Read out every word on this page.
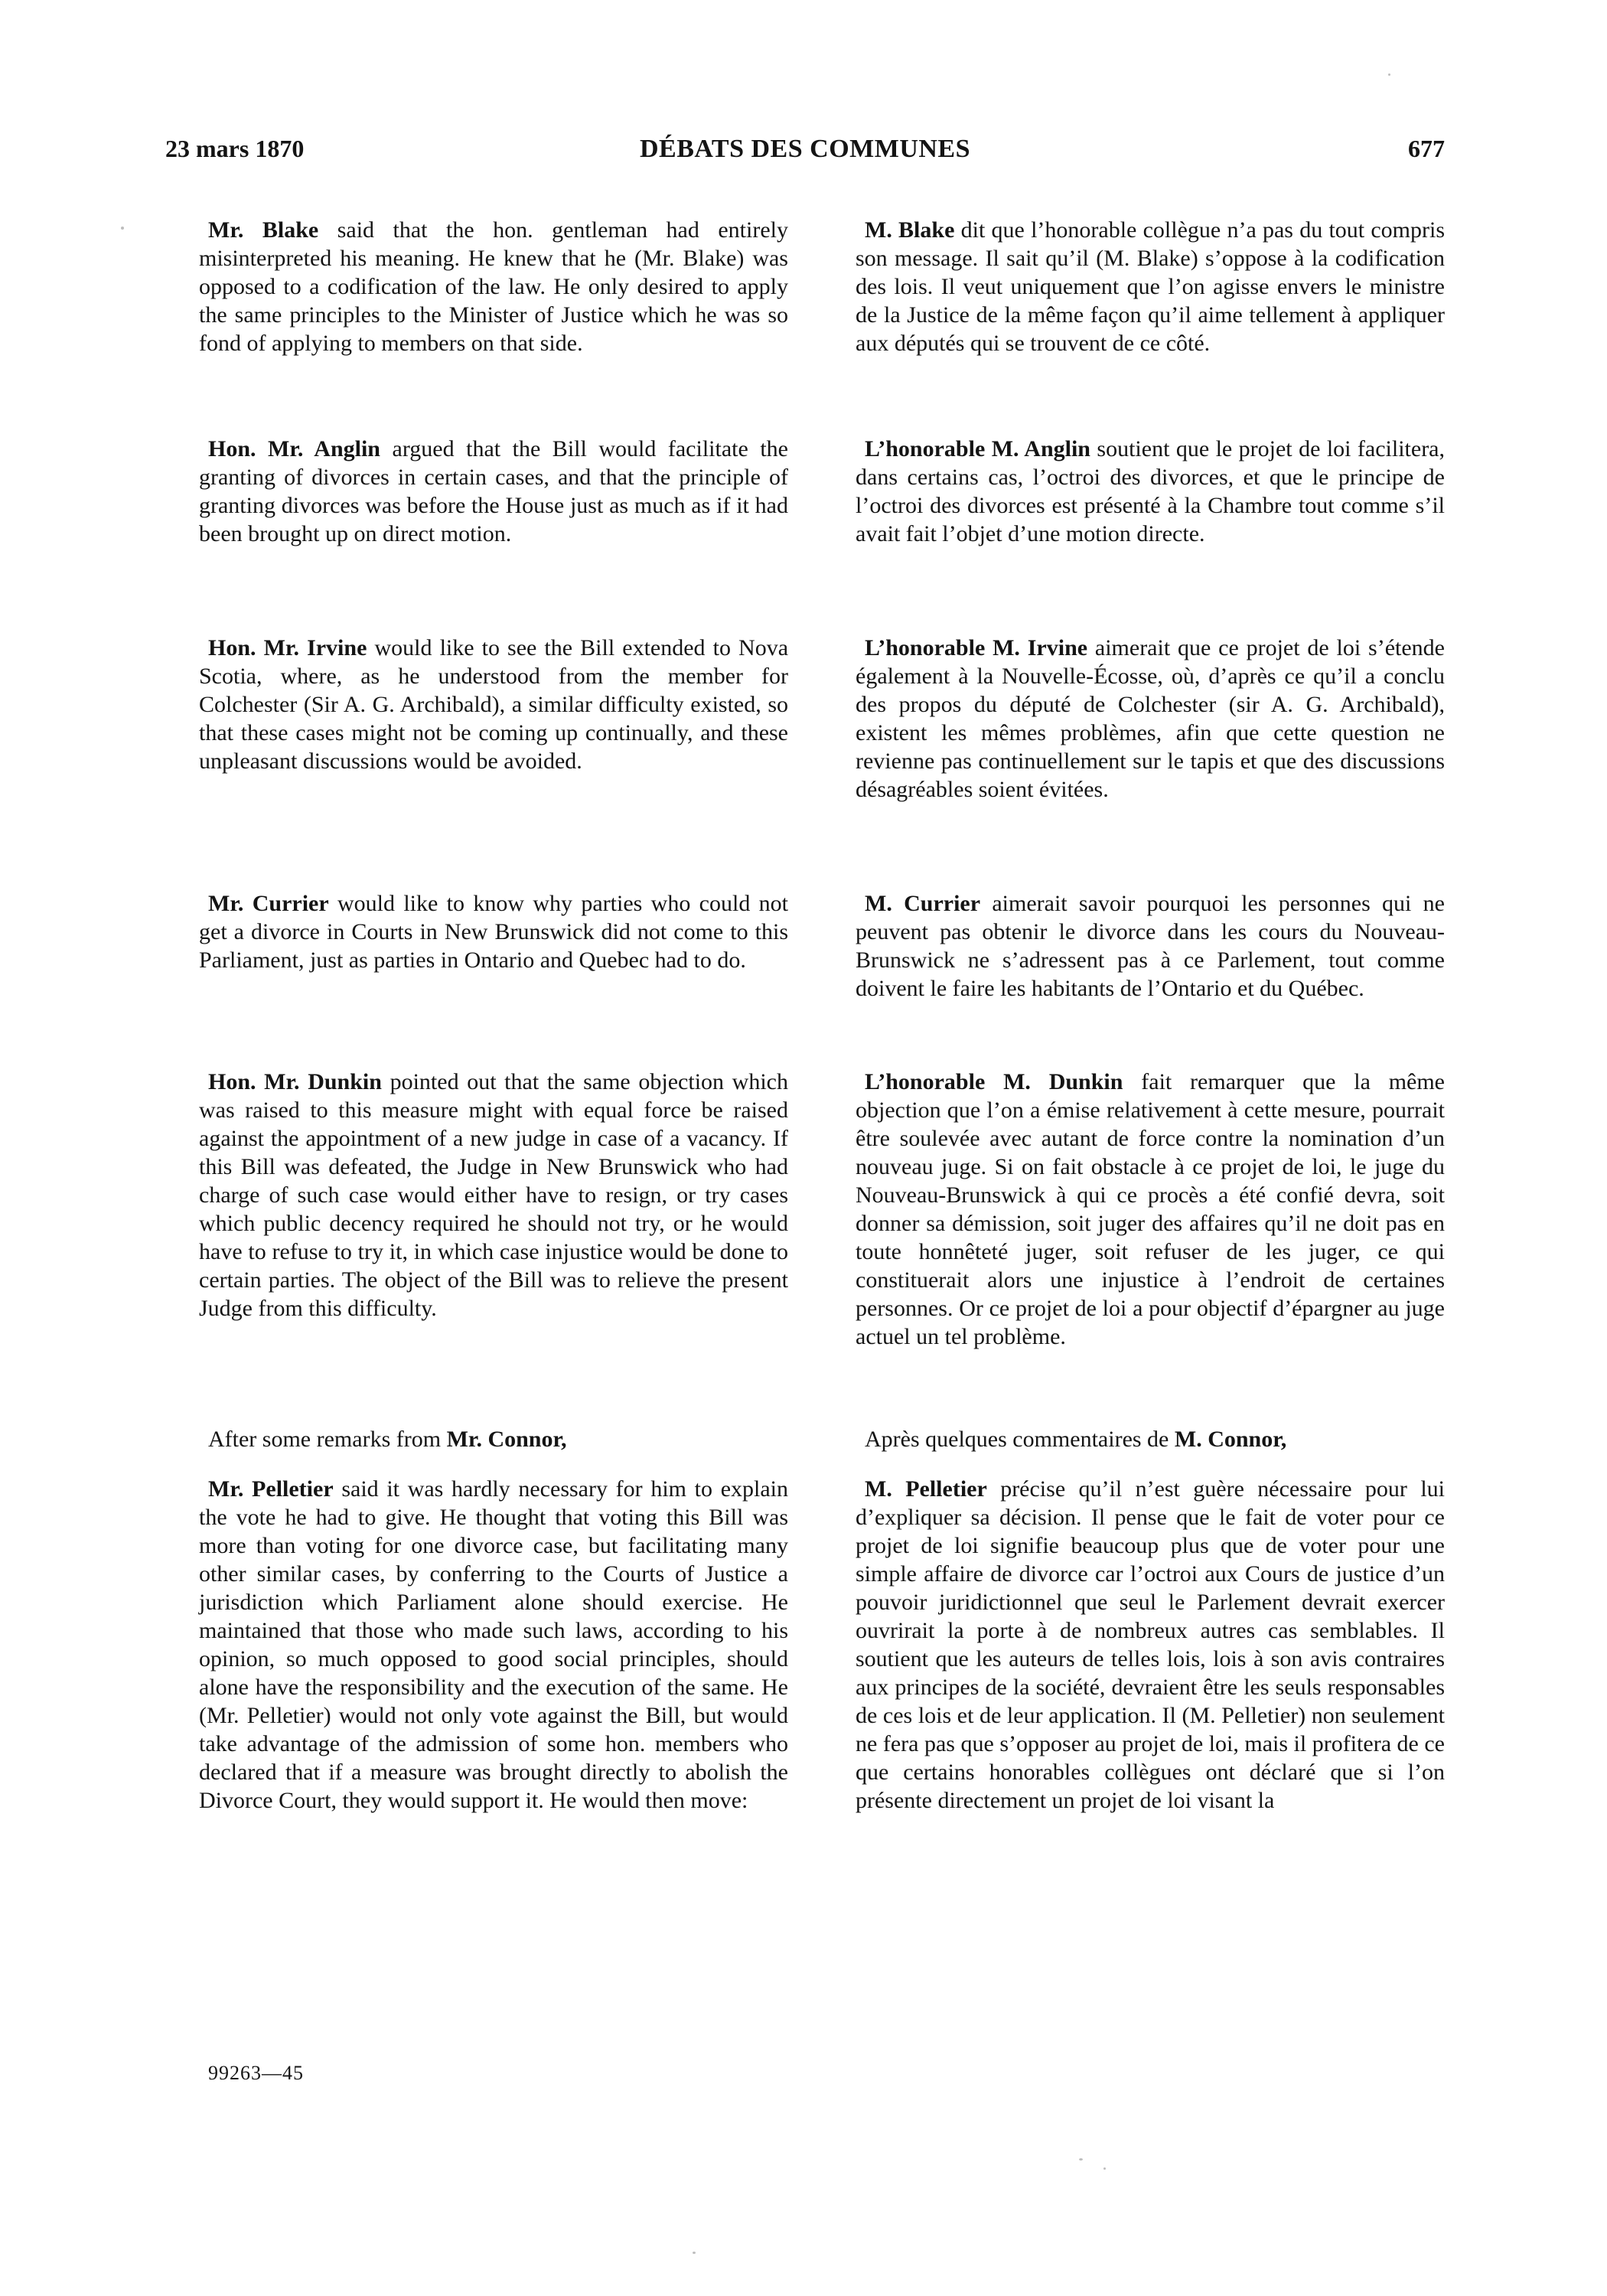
23 mars 1870	DÉBATS DES COMMUNES	677

Mr. Blake said that the hon. gentleman had entirely misinterpreted his meaning. He knew that he (Mr. Blake) was opposed to a codification of the law. He only desired to apply the same principles to the Minister of Justice which he was so fond of applying to members on that side.

Hon. Mr. Anglin argued that the Bill would facilitate the granting of divorces in certain cases, and that the principle of granting divorces was before the House just as much as if it had been brought up on direct motion.

Hon. Mr. Irvine would like to see the Bill extended to Nova Scotia, where, as he understood from the member for Colchester (Sir A. G. Archibald), a similar difficulty existed, so that these cases might not be coming up continually, and these unpleasant discussions would be avoided.

Mr. Currier would like to know why parties who could not get a divorce in Courts in New Brunswick did not come to this Parliament, just as parties in Ontario and Quebec had to do.

Hon. Mr. Dunkin pointed out that the same objection which was raised to this measure might with equal force be raised against the appointment of a new judge in case of a vacancy. If this Bill was defeated, the Judge in New Brunswick who had charge of such case would either have to resign, or try cases which public decency required he should not try, or he would have to refuse to try it, in which case injustice would be done to certain parties. The object of the Bill was to relieve the present Judge from this difficulty.

After some remarks from Mr. Connor,

Mr. Pelletier said it was hardly necessary for him to explain the vote he had to give. He thought that voting this Bill was more than voting for one divorce case, but facilitating many other similar cases, by conferring to the Courts of Justice a jurisdiction which Parliament alone should exercise. He maintained that those who made such laws, according to his opinion, so much opposed to good social principles, should alone have the responsibility and the execution of the same. He (Mr. Pelletier) would not only vote against the Bill, but would take advantage of the admission of some hon. members who declared that if a measure was brought directly to abolish the Divorce Court, they would support it. He would then move:

M. Blake dit que l’honorable collègue n’a pas du tout compris son message. Il sait qu’il (M. Blake) s’oppose à la codification des lois. Il veut uniquement que l’on agisse envers le ministre de la Justice de la même façon qu’il aime tellement à appliquer aux députés qui se trouvent de ce côté.

L’honorable M. Anglin soutient que le projet de loi facilitera, dans certains cas, l’octroi des divorces, et que le principe de l’octroi des divorces est présenté à la Chambre tout comme s’il avait fait l’objet d’une motion directe.

L’honorable M. Irvine aimerait que ce projet de loi s’étende également à la Nouvelle-Écosse, où, d’après ce qu’il a conclu des propos du député de Colchester (sir A. G. Archibald), existent les mêmes problèmes, afin que cette question ne revienne pas continuellement sur le tapis et que des discussions désagréables soient évitées.

M. Currier aimerait savoir pourquoi les personnes qui ne peuvent pas obtenir le divorce dans les cours du Nouveau-Brunswick ne s’adressent pas à ce Parlement, tout comme doivent le faire les habitants de l’Ontario et du Québec.

L’honorable M. Dunkin fait remarquer que la même objection que l’on a émise relativement à cette mesure, pourrait être soulevée avec autant de force contre la nomination d’un nouveau juge. Si on fait obstacle à ce projet de loi, le juge du Nouveau-Brunswick à qui ce procès a été confié devra, soit donner sa démission, soit juger des affaires qu’il ne doit pas en toute honnêteté juger, soit refuser de les juger, ce qui constituerait alors une injustice à l’endroit de certaines personnes. Or ce projet de loi a pour objectif d’épargner au juge actuel un tel problème.

Après quelques commentaires de M. Connor,

M. Pelletier précise qu’il n’est guère nécessaire pour lui d’expliquer sa décision. Il pense que le fait de voter pour ce projet de loi signifie beaucoup plus que de voter pour une simple affaire de divorce car l’octroi aux Cours de justice d’un pouvoir juridictionnel que seul le Parlement devrait exercer ouvrirait la porte à de nombreux autres cas semblables. Il soutient que les auteurs de telles lois, lois à son avis contraires aux principes de la société, devraient être les seuls responsables de ces lois et de leur application. Il (M. Pelletier) non seulement ne fera pas que s’opposer au projet de loi, mais il profitera de ce que certains honorables collègues ont déclaré que si l’on présente directement un projet de loi visant la

99263—45
